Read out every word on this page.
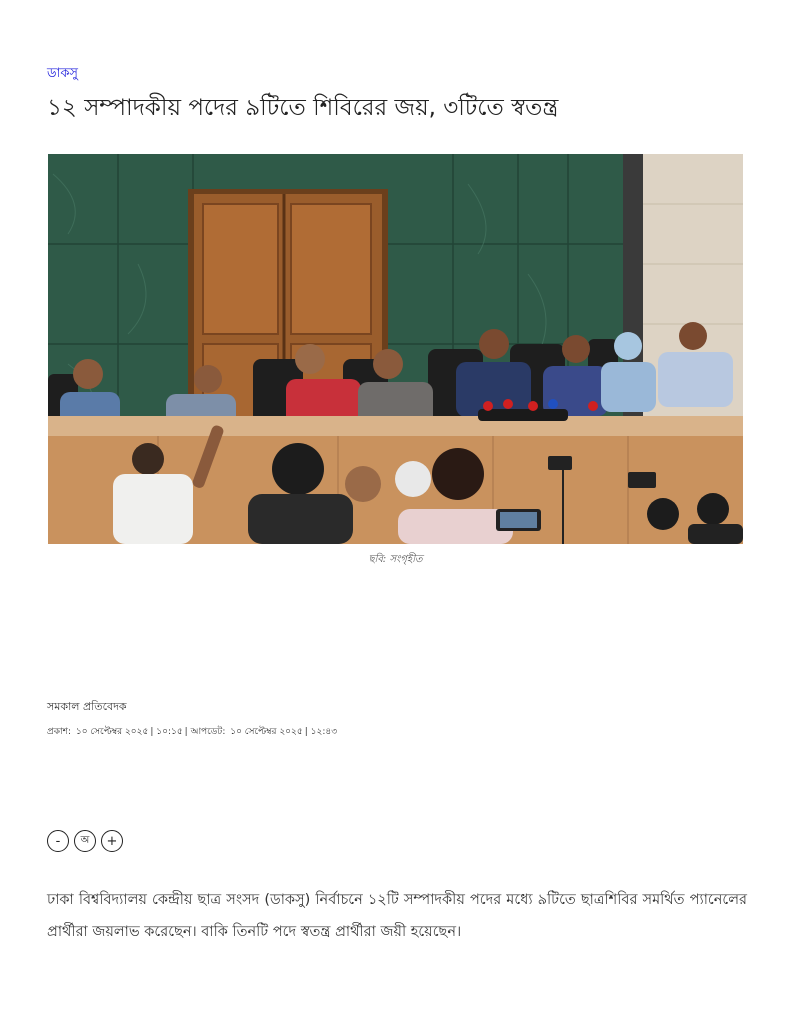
ডাকসু
১২ সম্পাদকীয় পদের ৯টিতে শিবিরের জয়, ৩টিতে স্বতন্ত্র
ছবি: সংগৃহীত
সমকাল প্রতিবেদক
প্রকাশ: ১০ সেপ্টেম্বর ২০২৫ | ১০:১৫ | আপডেট: ১০ সেপ্টেম্বর ২০২৫ | ১২:৪৩
-	অ	+

ঢাকা বিশ্ববিদ্যালয় কেন্দ্রীয় ছাত্র সংসদ (ডাকসু) নির্বাচনে ১২টি সম্পাদকীয় পদের মধ্যে ৯টিতে ছাত্রশিবির সমর্থিত প্যানেলের প্রার্থীরা জয়লাভ করেছেন। বাকি তিনটি পদে স্বতন্ত্র প্রার্থীরা জয়ী হয়েছেন।
